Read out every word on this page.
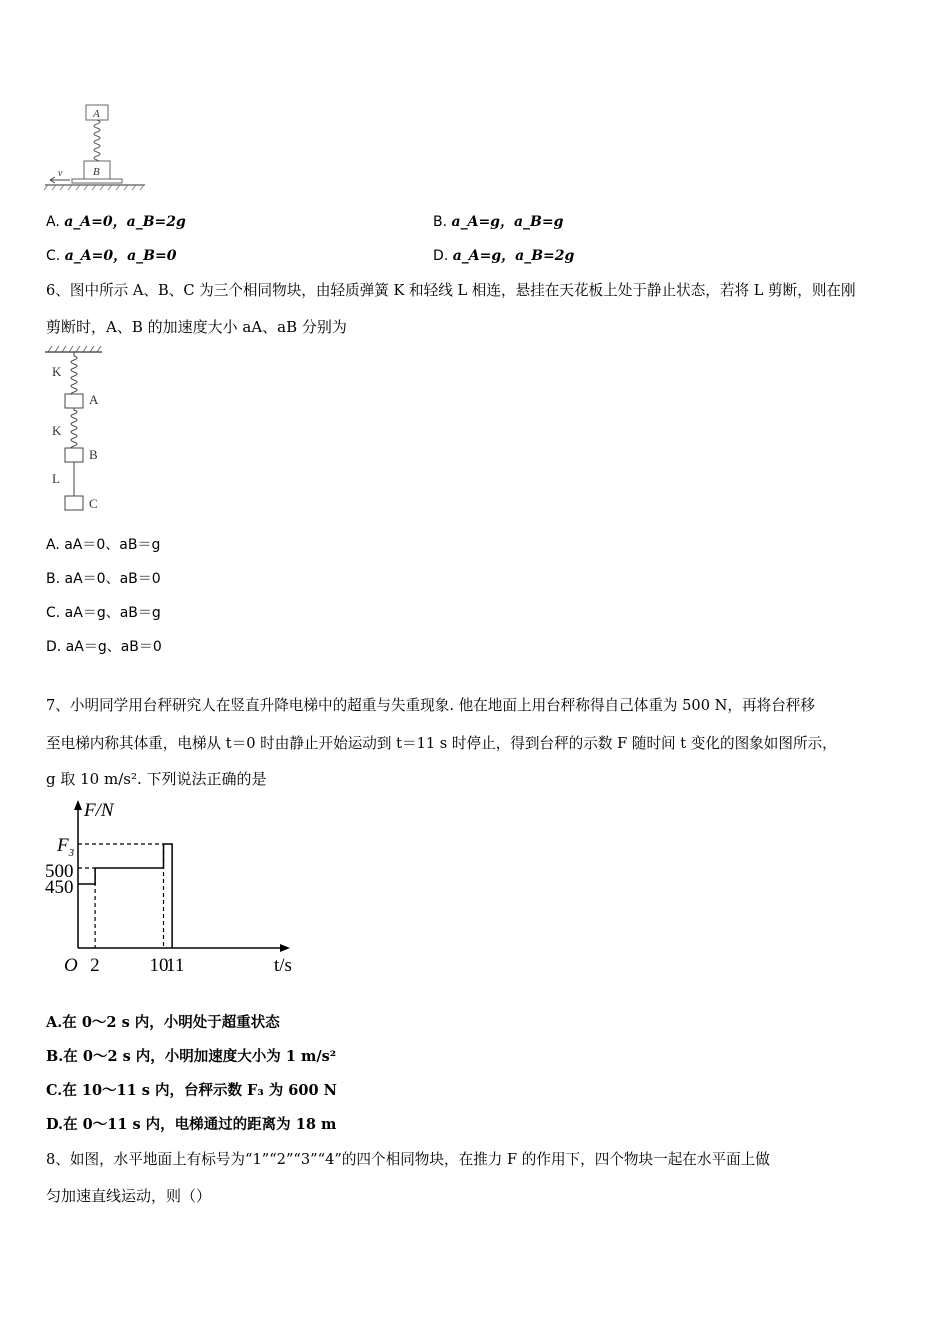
A
B
v
A. a_A=0，a_B=2g	B. a_A=g，a_B=g
C. a_A=0，a_B=0	D. a_A=g，a_B=2g
6、图中所示 A、B、C 为三个相同物块，由轻质弹簧 K 和轻线 L 相连，悬挂在天花板上处于静止状态，若将 L 剪断，则在刚
剪断时，A、B 的加速度大小 aA、aB 分别为
K
A
K
B
L
C
A. aA＝0、aB＝g
B. aA＝0、aB＝0
C. aA＝g、aB＝g
D. aA＝g、aB＝0
7、小明同学用台秤研究人在竖直升降电梯中的超重与失重现象. 他在地面上用台秤称得自己体重为 500 N，再将台秤移
至电梯内称其体重，电梯从 t＝0 时由静止开始运动到 t＝11 s 时停止，得到台秤的示数 F 随时间 t 变化的图象如图所示，
g 取 10 m/s². 下列说法正确的是
F/N
t/s
O 2	10
11
450
500
$F_3$
A.在 0～2 s 内，小明处于超重状态
B.在 0～2 s 内，小明加速度大小为 1 m/s²
C.在 10～11 s 内，台秤示数 F₃ 为 600 N
D.在 0～11 s 内，电梯通过的距离为 18 m
8、如图，水平地面上有标号为“1”“2”“3”“4”的四个相同物块，在推力 F 的作用下，四个物块一起在水平面上做
匀加速直线运动，则（）
